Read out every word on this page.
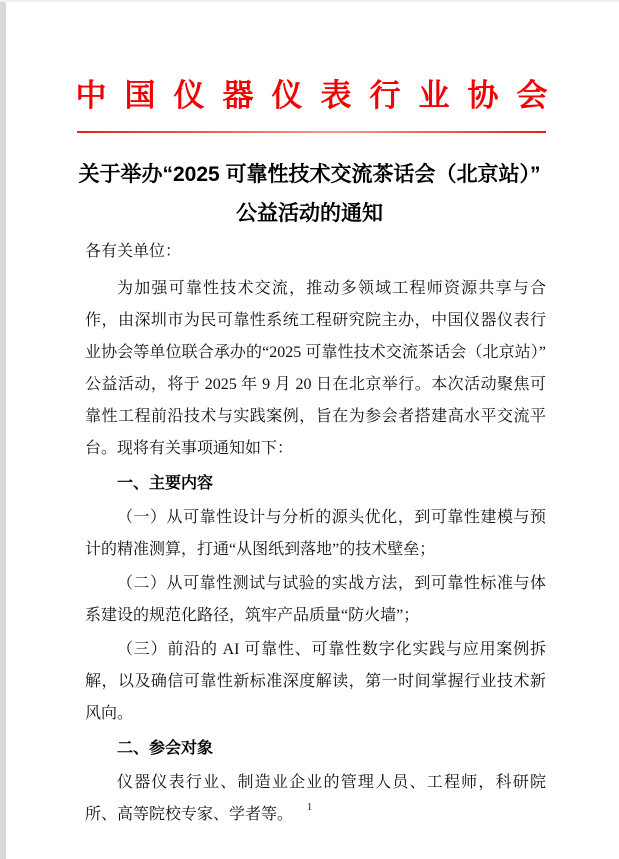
中国仪器仪表行业协会
关于举办“2025 可靠性技术交流茶话会（北京站）”
公益活动的通知

各有关单位：

为加强可靠性技术交流，推动多领域工程师资源共享与合作，由深圳市为民可靠性系统工程研究院主办，中国仪器仪表行业协会等单位联合承办的“2025 可靠性技术交流茶话会（北京站）”公益活动，将于 2025 年 9 月 20 日在北京举行。本次活动聚焦可靠性工程前沿技术与实践案例，旨在为参会者搭建高水平交流平台。现将有关事项通知如下：

一、主要内容

（一）从可靠性设计与分析的源头优化，到可靠性建模与预计的精准测算，打通“从图纸到落地”的技术壁垒；

（二）从可靠性测试与试验的实战方法，到可靠性标准与体系建设的规范化路径，筑牢产品质量“防火墙”；

（三）前沿的 AI 可靠性、可靠性数字化实践与应用案例拆解，以及确信可靠性新标准深度解读，第一时间掌握行业技术新风向。

二、参会对象

仪器仪表行业、制造业企业的管理人员、工程师，科研院所、高等院校专家、学者等。	1
